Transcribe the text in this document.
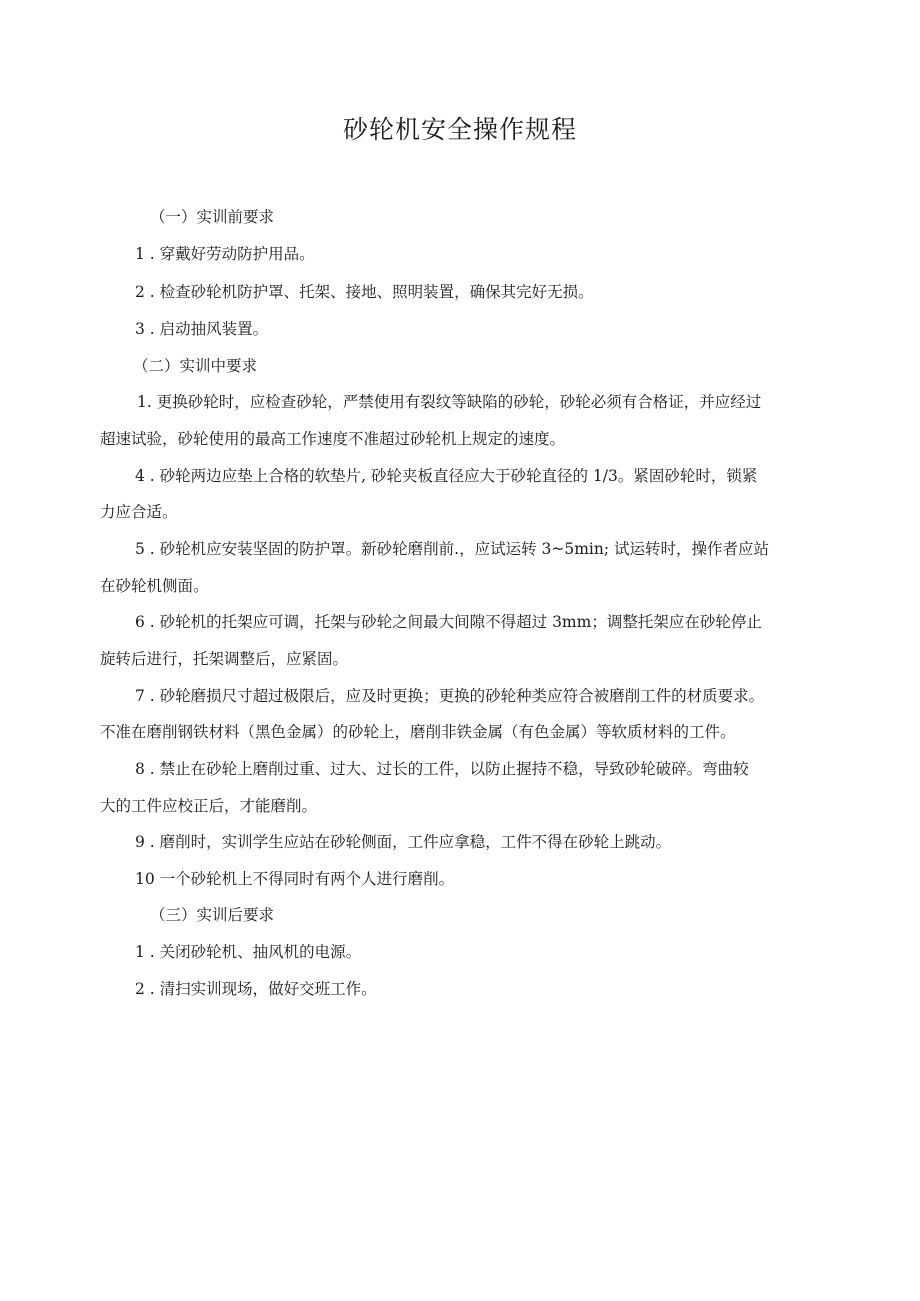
砂轮机安全操作规程
（一）实训前要求
1 . 穿戴好劳动防护用品。
2 . 检查砂轮机防护罩、托架、接地、照明装置，确保其完好无损。
3 . 启动抽风装置。
（二）实训中要求
1. 更换砂轮时，应检查砂轮，严禁使用有裂纹等缺陷的砂轮，砂轮必须有合格证，并应经过
超速试验，砂轮使用的最高工作速度不准超过砂轮机上规定的速度。
4 . 砂轮两边应垫上合格的软垫片, 砂轮夹板直径应大于砂轮直径的 1/3。紧固砂轮时，锁紧
力应合适。
5 . 砂轮机应安装坚固的防护罩。新砂轮磨削前.，应试运转 3~5min; 试运转时，操作者应站
在砂轮机侧面。
6 . 砂轮机的托架应可调，托架与砂轮之间最大间隙不得超过 3mm；调整托架应在砂轮停止
旋转后进行，托架调整后，应紧固。
7 . 砂轮磨损尺寸超过极限后，应及时更换；更换的砂轮种类应符合被磨削工件的材质要求。
不准在磨削钢铁材料（黑色金属）的砂轮上，磨削非铁金属（有色金属）等软质材料的工件。
8 . 禁止在砂轮上磨削过重、过大、过长的工件，以防止握持不稳，导致砂轮破碎。弯曲较
大的工件应校正后，才能磨削。
9 . 磨削时，实训学生应站在砂轮侧面，工件应拿稳，工件不得在砂轮上跳动。
10 一个砂轮机上不得同时有两个人进行磨削。
（三）实训后要求
1 . 关闭砂轮机、抽风机的电源。
2 . 清扫实训现场，做好交班工作。
